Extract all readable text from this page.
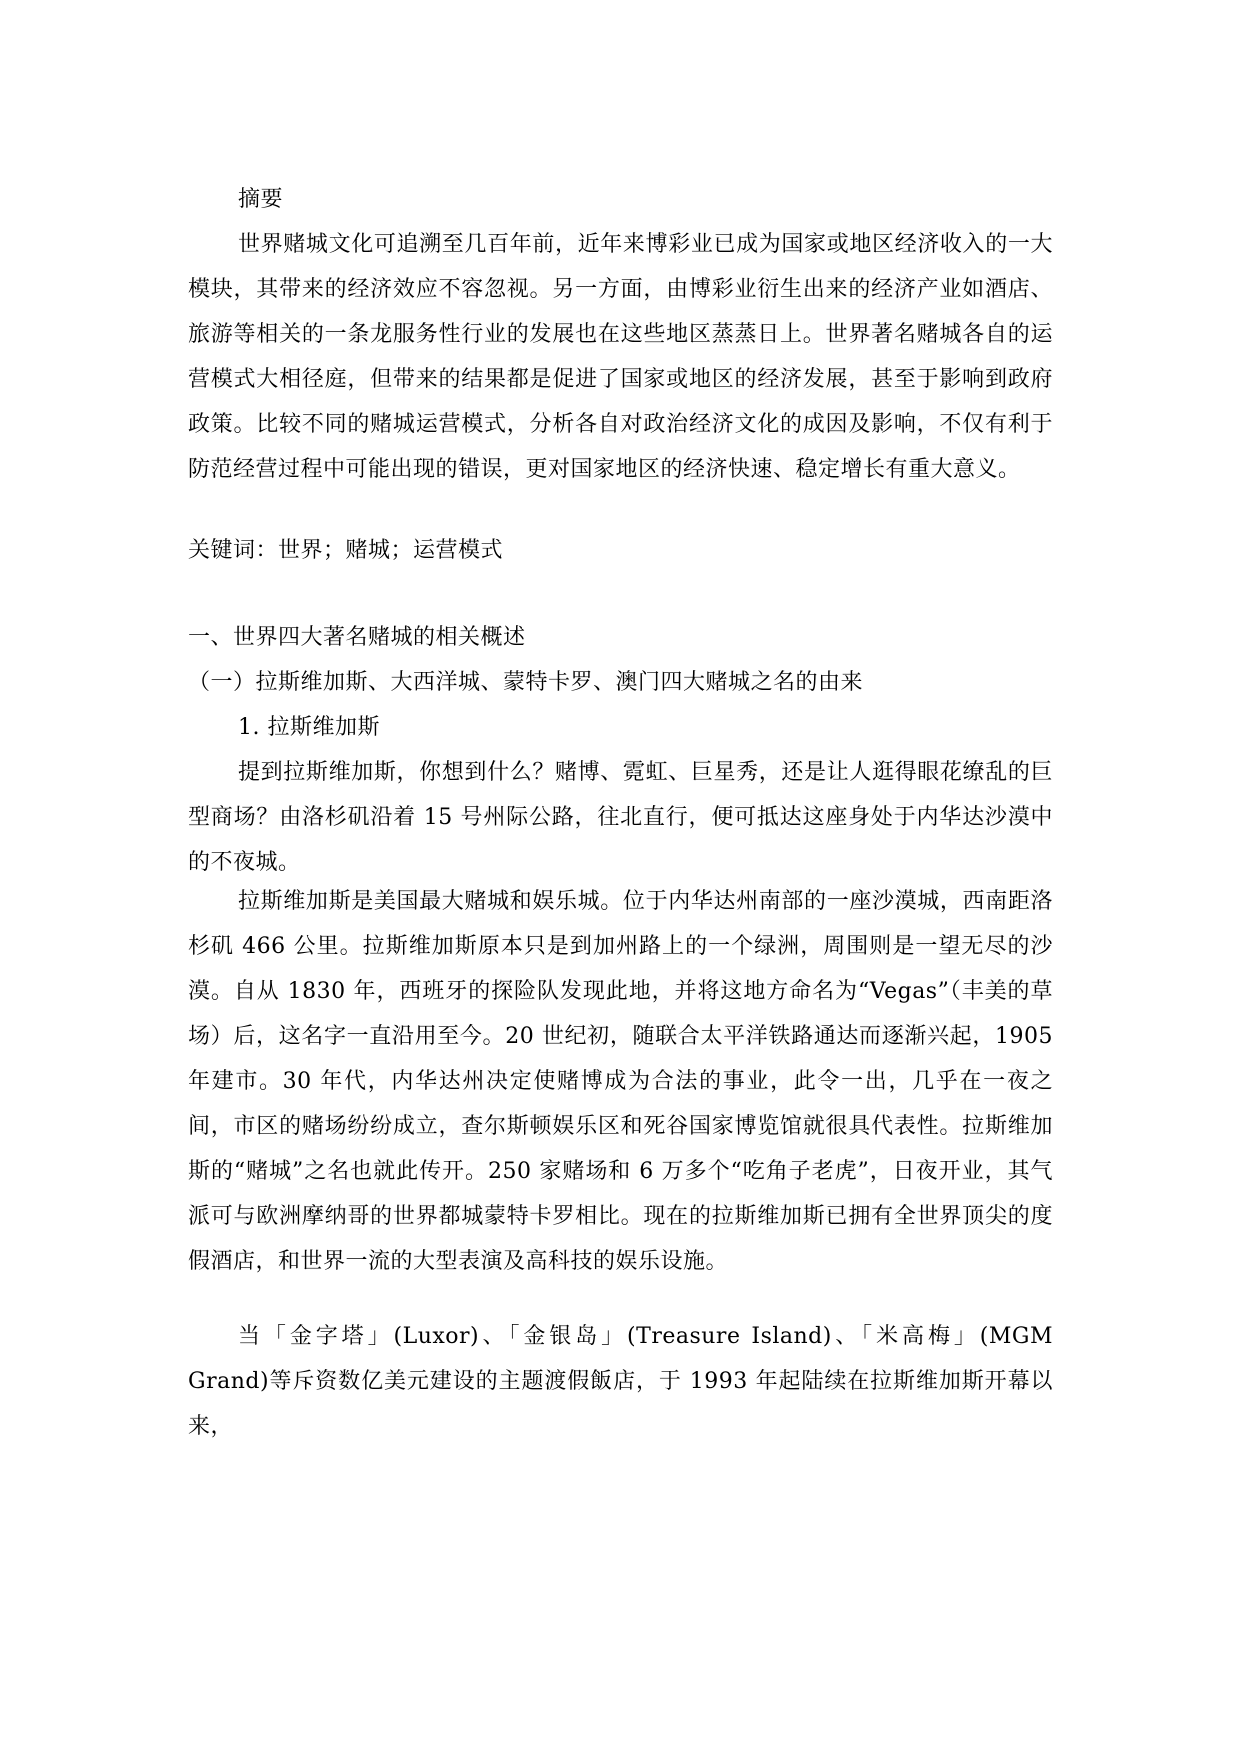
摘要
世界赌城文化可追溯至几百年前，近年来博彩业已成为国家或地区经济收入的一大模块，其带来的经济效应不容忽视。另一方面，由博彩业衍生出来的经济产业如酒店、旅游等相关的一条龙服务性行业的发展也在这些地区蒸蒸日上。世界著名赌城各自的运营模式大相径庭，但带来的结果都是促进了国家或地区的经济发展，甚至于影响到政府政策。比较不同的赌城运营模式，分析各自对政治经济文化的成因及影响，不仅有利于防范经营过程中可能出现的错误，更对国家地区的经济快速、稳定增长有重大意义。
关键词：世界；赌城；运营模式
一、世界四大著名赌城的相关概述
（一）拉斯维加斯、大西洋城、蒙特卡罗、澳门四大赌城之名的由来
1. 拉斯维加斯
提到拉斯维加斯，你想到什么？赌博、霓虹、巨星秀，还是让人逛得眼花缭乱的巨型商场？由洛杉矶沿着 15 号州际公路，往北直行，便可抵达这座身处于内华达沙漠中的不夜城。
拉斯维加斯是美国最大赌城和娱乐城。位于内华达州南部的一座沙漠城，西南距洛杉矶 466 公里。拉斯维加斯原本只是到加州路上的一个绿洲，周围则是一望无尽的沙漠。自从 1830 年，西班牙的探险队发现此地，并将这地方命名为“Vegas”（丰美的草场）后，这名字一直沿用至今。20 世纪初，随联合太平洋铁路通达而逐渐兴起，1905 年建市。30 年代，内华达州决定使赌博成为合法的事业，此令一出，几乎在一夜之间，市区的赌场纷纷成立，查尔斯顿娱乐区和死谷国家博览馆就很具代表性。拉斯维加斯的“赌城”之名也就此传开。250 家赌场和 6 万多个“吃角子老虎”，日夜开业，其气派可与欧洲摩纳哥的世界都城蒙特卡罗相比。现在的拉斯维加斯已拥有全世界顶尖的度假酒店，和世界一流的大型表演及高科技的娱乐设施。
当「金字塔」(Luxor)、「金银岛」(Treasure Island)、「米高梅」(MGM Grand)等斥资数亿美元建设的主题渡假飯店，于 1993 年起陆续在拉斯维加斯开幕以来，
